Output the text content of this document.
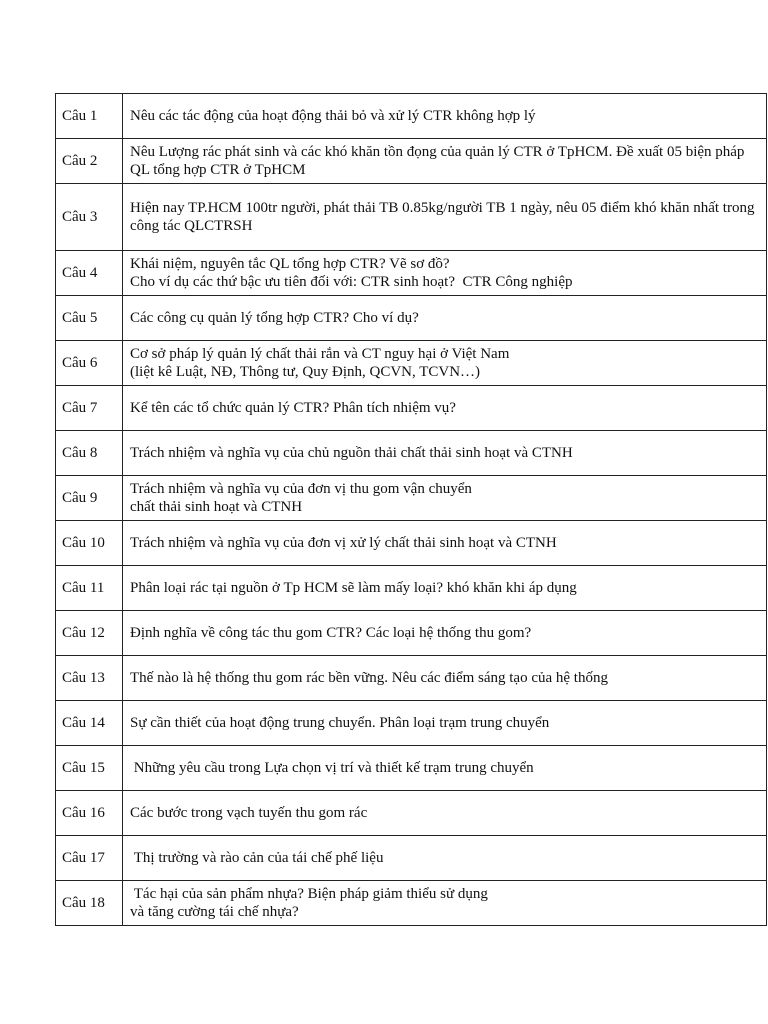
Câu 1	Nêu các tác động của hoạt động thải bỏ và xử lý CTR không hợp lý
Câu 2	Nêu Lượng rác phát sinh và các khó khăn tồn đọng của quản lý CTR ở TpHCM. Đề xuất 05 biện pháp QL tổng hợp CTR ở TpHCM
Câu 3	Hiện nay TP.HCM 100tr người, phát thải TB 0.85kg/người TB 1 ngày, nêu 05 điểm khó khăn nhất trong công tác QLCTRSH
Câu 4	Khái niệm, nguyên tắc QL tổng hợp CTR? Vẽ sơ đồ?
Cho ví dụ các thứ bậc ưu tiên đối với: CTR sinh hoạt?  CTR Công nghiệp
Câu 5	Các công cụ quản lý tổng hợp CTR? Cho ví dụ?
Câu 6	Cơ sở pháp lý quản lý chất thải rắn và CT nguy hại ở Việt Nam
(liệt kê Luật, NĐ, Thông tư, Quy Định, QCVN, TCVN…)
Câu 7	Kể tên các tổ chức quản lý CTR? Phân tích nhiệm vụ?
Câu 8	Trách nhiệm và nghĩa vụ của chủ nguồn thải chất thải sinh hoạt và CTNH
Câu 9	Trách nhiệm và nghĩa vụ của đơn vị thu gom vận chuyển
chất thải sinh hoạt và CTNH
Câu 10	Trách nhiệm và nghĩa vụ của đơn vị xử lý chất thải sinh hoạt và CTNH
Câu 11	Phân loại rác tại nguồn ở Tp HCM sẽ làm mấy loại? khó khăn khi áp dụng
Câu 12	Định nghĩa về công tác thu gom CTR? Các loại hệ thống thu gom?
Câu 13	Thế nào là hệ thống thu gom rác bền vững. Nêu các điểm sáng tạo của hệ thống
Câu 14	Sự cần thiết của hoạt động trung chuyển. Phân loại trạm trung chuyển
Câu 15	Những yêu cầu trong Lựa chọn vị trí và thiết kế trạm trung chuyển
Câu 16	Các bước trong vạch tuyến thu gom rác
Câu 17	Thị trường và rào cản của tái chế phế liệu
Câu 18	Tác hại của sản phẩm nhựa? Biện pháp giảm thiểu sử dụng
và tăng cường tái chế nhựa?
